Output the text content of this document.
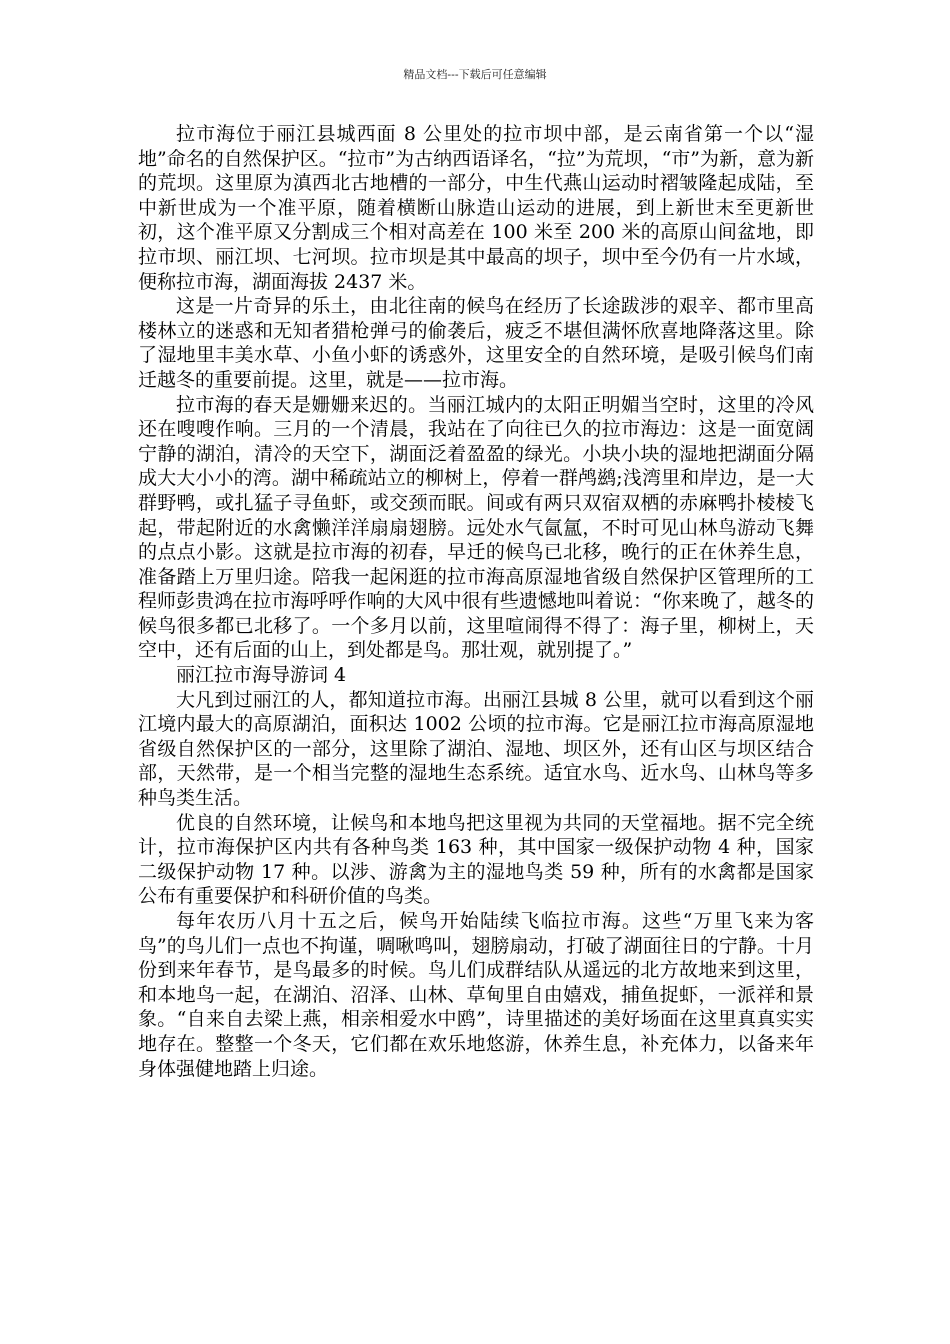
精品文档---下载后可任意编辑

拉市海位于丽江县城西面 8 公里处的拉市坝中部，是云南省第一个以“湿地”命名的自然保护区。“拉市”为古纳西语译名，“拉”为荒坝，“市”为新，意为新的荒坝。这里原为滇西北古地槽的一部分，中生代燕山运动时褶皱隆起成陆，至中新世成为一个准平原，随着横断山脉造山运动的进展，到上新世末至更新世初，这个准平原又分割成三个相对高差在 100 米至 200 米的高原山间盆地，即拉市坝、丽江坝、七河坝。拉市坝是其中最高的坝子，坝中至今仍有一片水域，便称拉市海，湖面海拔 2437 米。

这是一片奇异的乐土，由北往南的候鸟在经历了长途跋涉的艰辛、都市里高楼林立的迷惑和无知者猎枪弹弓的偷袭后，疲乏不堪但满怀欣喜地降落这里。除了湿地里丰美水草、小鱼小虾的诱惑外，这里安全的自然环境，是吸引候鸟们南迁越冬的重要前提。这里，就是——拉市海。

拉市海的春天是姗姗来迟的。当丽江城内的太阳正明媚当空时，这里的冷风还在嗖嗖作响。三月的一个清晨，我站在了向往已久的拉市海边：这是一面宽阔宁静的湖泊，清冷的天空下，湖面泛着盈盈的绿光。小块小块的湿地把湖面分隔成大大小小的湾。湖中稀疏站立的柳树上，停着一群鸬鹚;浅湾里和岸边，是一大群野鸭，或扎猛子寻鱼虾，或交颈而眠。间或有两只双宿双栖的赤麻鸭扑棱棱飞起，带起附近的水禽懒洋洋扇扇翅膀。远处水气氤氲，不时可见山林鸟游动飞舞的点点小影。这就是拉市海的初春，早迁的候鸟已北移，晚行的正在休养生息，准备踏上万里归途。陪我一起闲逛的拉市海高原湿地省级自然保护区管理所的工程师彭贵鸿在拉市海呼呼作响的大风中很有些遗憾地叫着说：“你来晚了，越冬的候鸟很多都已北移了。一个多月以前，这里喧闹得不得了：海子里，柳树上，天空中，还有后面的山上，到处都是鸟。那壮观，就别提了。”

丽江拉市海导游词 4

大凡到过丽江的人，都知道拉市海。出丽江县城 8 公里，就可以看到这个丽江境内最大的高原湖泊，面积达 1002 公顷的拉市海。它是丽江拉市海高原湿地省级自然保护区的一部分，这里除了湖泊、湿地、坝区外，还有山区与坝区结合部，天然带，是一个相当完整的湿地生态系统。适宜水鸟、近水鸟、山林鸟等多种鸟类生活。

优良的自然环境，让候鸟和本地鸟把这里视为共同的天堂福地。据不完全统计，拉市海保护区内共有各种鸟类 163 种，其中国家一级保护动物 4 种，国家二级保护动物 17 种。以涉、游禽为主的湿地鸟类 59 种，所有的水禽都是国家公布有重要保护和科研价值的鸟类。

每年农历八月十五之后，候鸟开始陆续飞临拉市海。这些“万里飞来为客鸟”的鸟儿们一点也不拘谨，啁啾鸣叫，翅膀扇动，打破了湖面往日的宁静。十月份到来年春节，是鸟最多的时候。鸟儿们成群结队从遥远的北方故地来到这里，和本地鸟一起，在湖泊、沼泽、山林、草甸里自由嬉戏，捕鱼捉虾，一派祥和景象。“自来自去梁上燕，相亲相爱水中鸥”，诗里描述的美好场面在这里真真实实地存在。整整一个冬天，它们都在欢乐地悠游，休养生息，补充体力，以备来年身体强健地踏上归途。
